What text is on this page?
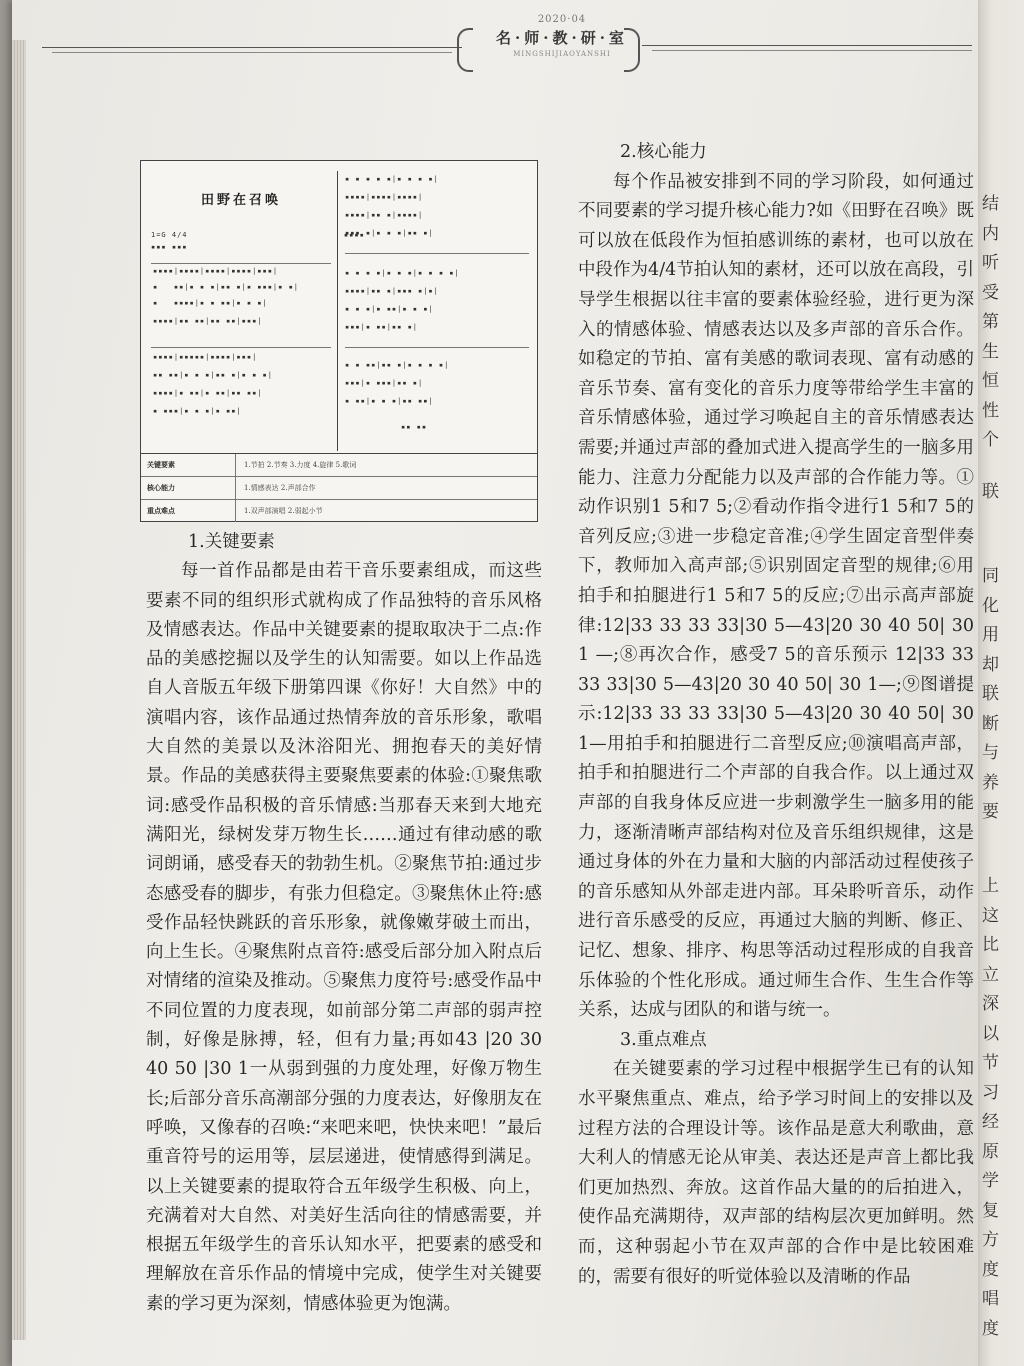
结
内
听
受
第
生
恒
性
个
联
同
化
用
却
联
断
与
养
要
上
这
比
立
深
以
节
习
经
原
学
复
方
度
唱
度
2020·04
名·师·教·研·室
MINGSHIJIAOYANSHI
田野在召唤
1=G 4/4                              ▪▪▪▪
▪▪▪ ▪▪▪
▪▪▪▪|▪▪▪▪|▪▪▪▪|▪▪▪▪|▪▪▪|
▪   ▪▪|▪ ▪ ▪|▪▪ ▪|▪ ▪▪▪|▪ ▪|
▪   ▪▪▪▪|▪ ▪ ▪▪|▪ ▪ ▪|
▪▪▪▪|▪▪ ▪▪|▪▪ ▪▪|▪▪▪|
▪▪▪▪|▪▪▪▪▪|▪▪▪▪|▪▪▪|
▪▪ ▪▪|▪ ▪ ▪|▪▪ ▪|▪ ▪ ▪|
▪▪▪▪|▪ ▪▪|▪ ▪▪|▪▪ ▪▪|
▪ ▪▪▪|▪ ▪ ▪|▪ ▪▪|
▪ ▪ ▪ ▪ ▪|▪ ▪ ▪ ▪|
▪▪▪▪|▪▪▪▪|▪▪▪▪|
▪▪▪▪|▪▪ ▪|▪▪▪▪|
▪▪▪ ▪|▪ ▪ ▪|▪▪ ▪|
▪ ▪ ▪ ▪|▪ ▪ ▪|▪ ▪ ▪ ▪|
▪▪▪▪|▪▪ ▪|▪▪▪ ▪|▪|
▪ ▪ ▪|▪ ▪▪|▪ ▪ ▪|
▪▪▪|▪ ▪▪|▪▪ ▪|
▪ ▪ ▪▪|▪▪ ▪|▪ ▪ ▪ ▪|
▪▪▪|▪ ▪▪▪|▪▪ ▪|
▪ ▪▪|▪ ▪ ▪|▪▪ ▪▪|
▪▪ ▪▪
关键要素	1.节拍 2.节奏 3.力度 4.旋律 5.歌词
核心能力	1.情感表达 2.声部合作
重点难点	1.双声部演唱 2.弱起小节
1.关键要素

每一首作品都是由若干音乐要素组成，而这些要素不同的组织形式就构成了作品独特的音乐风格及情感表达。作品中关键要素的提取取决于二点:作品的美感挖掘以及学生的认知需要。如以上作品选自人音版五年级下册第四课《你好！大自然》中的演唱内容，该作品通过热情奔放的音乐形象，歌唱大自然的美景以及沐浴阳光、拥抱春天的美好情景。作品的美感获得主要聚焦要素的体验:①聚焦歌词:感受作品积极的音乐情感:当那春天来到大地充满阳光，绿树发芽万物生长……通过有律动感的歌词朗诵，感受春天的勃勃生机。②聚焦节拍:通过步态感受春的脚步，有张力但稳定。③聚焦休止符:感受作品轻快跳跃的音乐形象，就像嫩芽破土而出，向上生长。④聚焦附点音符:感受后部分加入附点后对情绪的渲染及推动。⑤聚焦力度符号:感受作品中不同位置的力度表现，如前部分第二声部的弱声控制，好像是脉搏，轻，但有力量;再如43 |20 30 40 50 |30 1一从弱到强的力度处理，好像万物生长;后部分音乐高潮部分强的力度表达，好像朋友在呼唤，又像春的召唤:“来吧来吧，快快来吧！”最后重音符号的运用等，层层递进，使情感得到满足。以上关键要素的提取符合五年级学生积极、向上，充满着对大自然、对美好生活向往的情感需要，并根据五年级学生的音乐认知水平，把要素的感受和理解放在音乐作品的情境中完成，使学生对关键要素的学习更为深刻，情感体验更为饱满。

2.核心能力

每个作品被安排到不同的学习阶段，如何通过不同要素的学习提升核心能力?如《田野在召唤》既可以放在低段作为恒拍感训练的素材，也可以放在中段作为4/4节拍认知的素材，还可以放在高段，引导学生根据以往丰富的要素体验经验，进行更为深入的情感体验、情感表达以及多声部的音乐合作。如稳定的节拍、富有美感的歌词表现、富有动感的音乐节奏、富有变化的音乐力度等带给学生丰富的音乐情感体验，通过学习唤起自主的音乐情感表达需要;并通过声部的叠加式进入提高学生的一脑多用能力、注意力分配能力以及声部的合作能力等。①动作识别1 5和7 5;②看动作指令进行1 5和7 5的音列反应;③进一步稳定音准;④学生固定音型伴奏下，教师加入高声部;⑤识别固定音型的规律;⑥用拍手和拍腿进行1 5和7 5的反应;⑦出示高声部旋律:12|33 33 33 33|30 5—43|20 30 40 50| 30 1 —;⑧再次合作，感受7 5的音乐预示 12|33 33 33 33|30 5—43|20 30 40 50| 30 1—;⑨图谱提示:12|33 33 33 33|30 5—43|20 30 40 50| 30 1—用拍手和拍腿进行二音型反应;⑩演唱高声部，拍手和拍腿进行二个声部的自我合作。以上通过双声部的自我身体反应进一步刺激学生一脑多用的能力，逐渐清晰声部结构对位及音乐组织规律，这是通过身体的外在力量和大脑的内部活动过程使孩子的音乐感知从外部走进内部。耳朵聆听音乐，动作进行音乐感受的反应，再通过大脑的判断、修正、记忆、想象、排序、构思等活动过程形成的自我音乐体验的个性化形成。通过师生合作、生生合作等关系，达成与团队的和谐与统一。

3.重点难点

在关键要素的学习过程中根据学生已有的认知水平聚焦重点、难点，给予学习时间上的安排以及过程方法的合理设计等。该作品是意大利歌曲，意大利人的情感无论从审美、表达还是声音上都比我们更加热烈、奔放。这首作品大量的的后拍进入，使作品充满期待，双声部的结构层次更加鲜明。然而，这种弱起小节在双声部的合作中是比较困难的，需要有很好的听觉体验以及清晰的作品
